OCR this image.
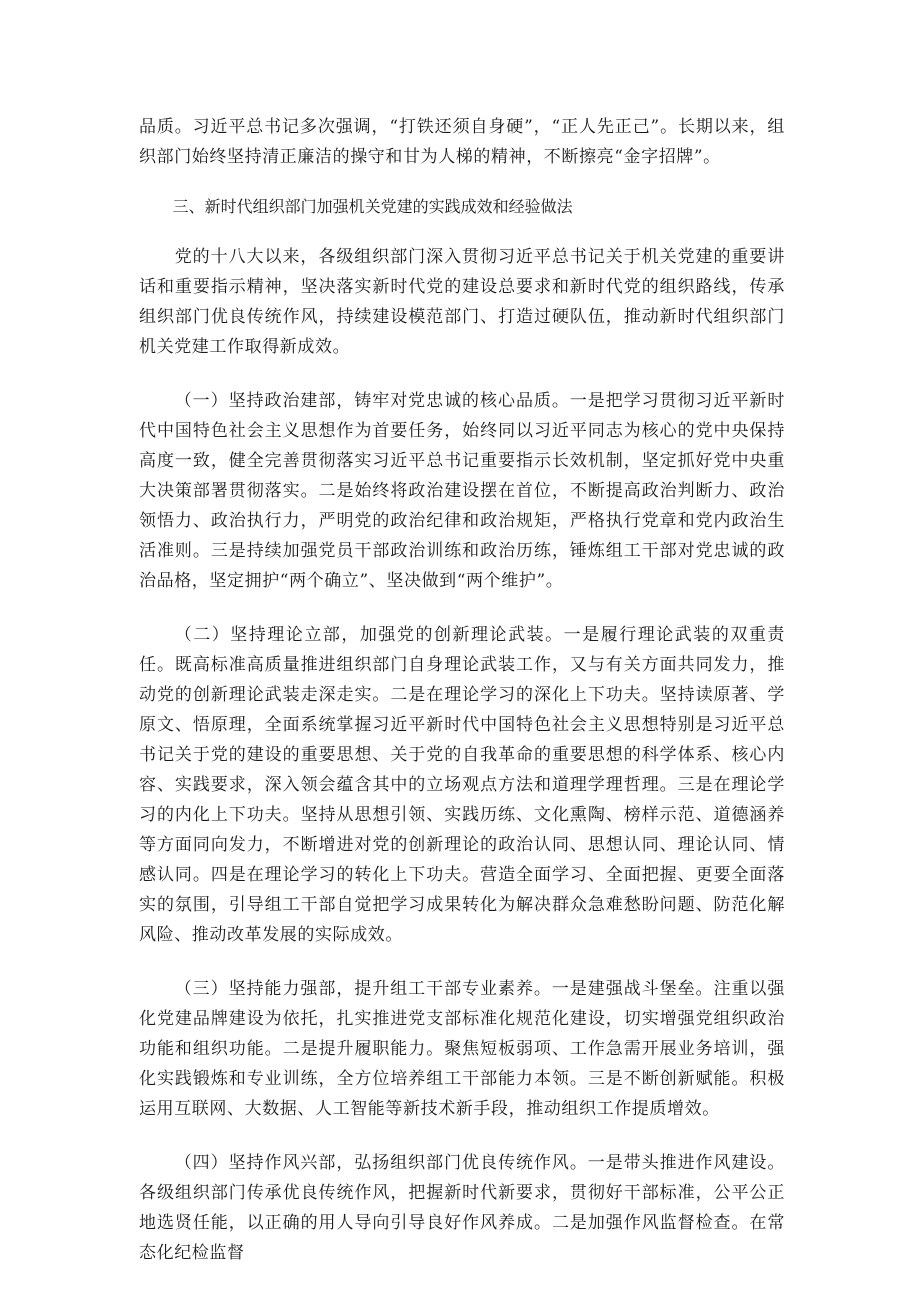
品质。习近平总书记多次强调，“打铁还须自身硬”，“正人先正己”。长期以来，组织部门始终坚持清正廉洁的操守和甘为人梯的精神，不断擦亮“金字招牌”。

三、新时代组织部门加强机关党建的实践成效和经验做法

党的十八大以来，各级组织部门深入贯彻习近平总书记关于机关党建的重要讲话和重要指示精神，坚决落实新时代党的建设总要求和新时代党的组织路线，传承组织部门优良传统作风，持续建设模范部门、打造过硬队伍，推动新时代组织部门机关党建工作取得新成效。

（一）坚持政治建部，铸牢对党忠诚的核心品质。一是把学习贯彻习近平新时代中国特色社会主义思想作为首要任务，始终同以习近平同志为核心的党中央保持高度一致，健全完善贯彻落实习近平总书记重要指示长效机制，坚定抓好党中央重大决策部署贯彻落实。二是始终将政治建设摆在首位，不断提高政治判断力、政治领悟力、政治执行力，严明党的政治纪律和政治规矩，严格执行党章和党内政治生活准则。三是持续加强党员干部政治训练和政治历练，锤炼组工干部对党忠诚的政治品格，坚定拥护“两个确立”、坚决做到“两个维护”。

（二）坚持理论立部，加强党的创新理论武装。一是履行理论武装的双重责任。既高标准高质量推进组织部门自身理论武装工作，又与有关方面共同发力，推动党的创新理论武装走深走实。二是在理论学习的深化上下功夫。坚持读原著、学原文、悟原理，全面系统掌握习近平新时代中国特色社会主义思想特别是习近平总书记关于党的建设的重要思想、关于党的自我革命的重要思想的科学体系、核心内容、实践要求，深入领会蕴含其中的立场观点方法和道理学理哲理。三是在理论学习的内化上下功夫。坚持从思想引领、实践历练、文化熏陶、榜样示范、道德涵养等方面同向发力，不断增进对党的创新理论的政治认同、思想认同、理论认同、情感认同。四是在理论学习的转化上下功夫。营造全面学习、全面把握、更要全面落实的氛围，引导组工干部自觉把学习成果转化为解决群众急难愁盼问题、防范化解风险、推动改革发展的实际成效。

（三）坚持能力强部，提升组工干部专业素养。一是建强战斗堡垒。注重以强化党建品牌建设为依托，扎实推进党支部标准化规范化建设，切实增强党组织政治功能和组织功能。二是提升履职能力。聚焦短板弱项、工作急需开展业务培训，强化实践锻炼和专业训练，全方位培养组工干部能力本领。三是不断创新赋能。积极运用互联网、大数据、人工智能等新技术新手段，推动组织工作提质增效。

（四）坚持作风兴部，弘扬组织部门优良传统作风。一是带头推进作风建设。各级组织部门传承优良传统作风，把握新时代新要求，贯彻好干部标准，公平公正地选贤任能，以正确的用人导向引导良好作风养成。二是加强作风监督检查。在常态化纪检监督
